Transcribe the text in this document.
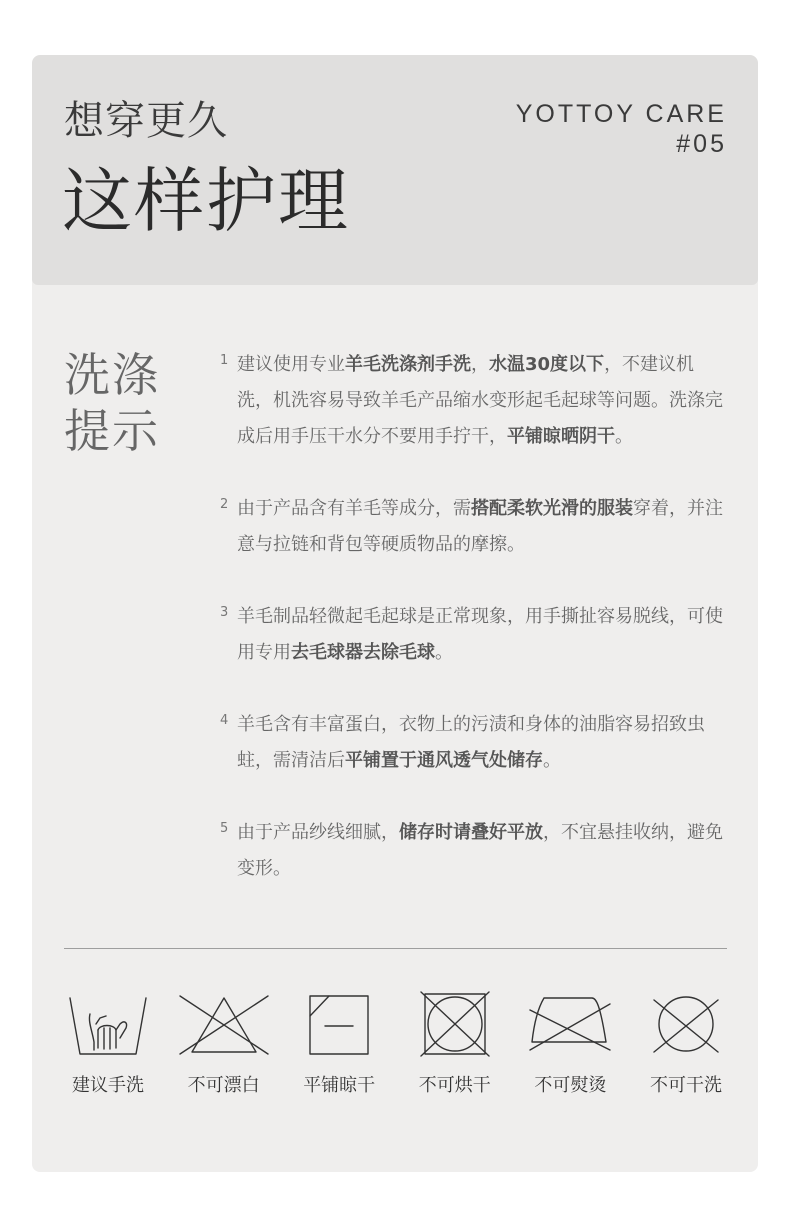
想穿更久
这样护理
YOTTOY CARE
#05
洗涤
提示
1 建议使用专业羊毛洗涤剂手洗，水温30度以下，不建议机洗，机洗容易导致羊毛产品缩水变形起毛起球等问题。洗涤完成后用手压干水分不要用手拧干，平铺晾晒阴干。
2 由于产品含有羊毛等成分，需搭配柔软光滑的服装穿着，并注意与拉链和背包等硬质物品的摩擦。
3 羊毛制品轻微起毛起球是正常现象，用手撕扯容易脱线，可使用专用去毛球器去除毛球。
4 羊毛含有丰富蛋白，衣物上的污渍和身体的油脂容易招致虫蛀，需清洁后平铺置于通风透气处储存。
5 由于产品纱线细腻，储存时请叠好平放，不宜悬挂收纳，避免变形。
建议手洗 不可漂白 平铺晾干 不可烘干 不可熨烫 不可干洗
